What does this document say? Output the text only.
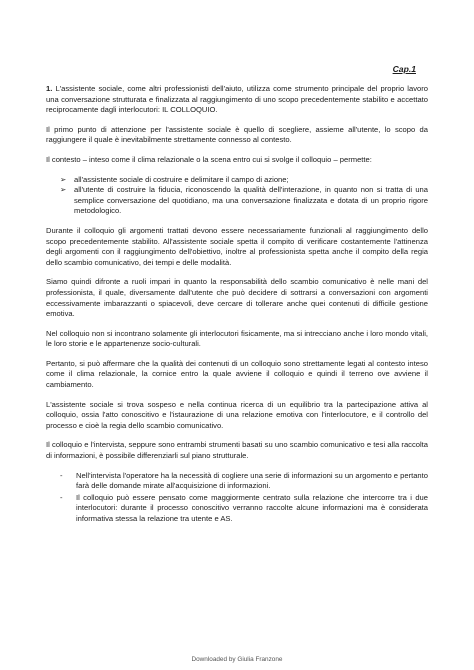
Cap.1

1. L'assistente sociale, come altri professionisti dell'aiuto, utilizza come strumento principale del proprio lavoro una conversazione strutturata e finalizzata al raggiungimento di uno scopo precedentemente stabilito e accettato reciprocamente dagli interlocutori: IL COLLOQUIO.

Il primo punto di attenzione per l'assistente sociale è quello di scegliere, assieme all'utente, lo scopo da raggiungere il quale è inevitabilmente strettamente connesso al contesto.

Il contesto – inteso come il clima relazionale o la scena entro cui si svolge il colloquio – permette:

➢ all'assistente sociale di costruire e delimitare il campo di azione;
➢ all'utente di costruire la fiducia, riconoscendo la qualità dell'interazione, in quanto non si tratta di una semplice conversazione del quotidiano, ma una conversazione finalizzata e dotata di un proprio rigore metodologico.

Durante il colloquio gli argomenti trattati devono essere necessariamente funzionali al raggiungimento dello scopo precedentemente stabilito. All'assistente sociale spetta il compito di verificare costantemente l'attinenza degli argomenti con il raggiungimento dell'obiettivo, inoltre al professionista spetta anche il compito della regia dello scambio comunicativo, dei tempi e delle modalità.

Siamo quindi difronte a ruoli impari in quanto la responsabilità dello scambio comunicativo è nelle mani del professionista, il quale, diversamente dall'utente che può decidere di sottrarsi a conversazioni con argomenti eccessivamente imbarazzanti o spiacevoli, deve cercare di tollerare anche quei contenuti di difficile gestione emotiva.

Nel colloquio non si incontrano solamente gli interlocutori fisicamente, ma si intrecciano anche i loro mondo vitali, le loro storie e le appartenenze socio-culturali.

Pertanto, si può affermare che la qualità dei contenuti di un colloquio sono strettamente legati al contesto inteso come il clima relazionale, la cornice entro la quale avviene il colloquio e quindi il terreno ove avviene il cambiamento.

L'assistente sociale si trova sospeso e nella continua ricerca di un equilibrio tra la partecipazione attiva al colloquio, ossia l'atto conoscitivo e l'istaurazione di una relazione emotiva con l'interlocutore, e il controllo del processo e cioè la regia dello scambio comunicativo.

Il colloquio e l'intervista, seppure sono entrambi strumenti basati su uno scambio comunicativo e tesi alla raccolta di informazioni, è possibile differenziarli sul piano strutturale.

- Nell'intervista l'operatore ha la necessità di cogliere una serie di informazioni su un argomento e pertanto farà delle domande mirate all'acquisizione di informazioni.
- Il colloquio può essere pensato come maggiormente centrato sulla relazione che intercorre tra i due interlocutori: durante il processo conoscitivo verranno raccolte alcune informazioni ma è considerata informativa stessa la relazione tra utente e AS.
Downloaded by Giulia Franzone
